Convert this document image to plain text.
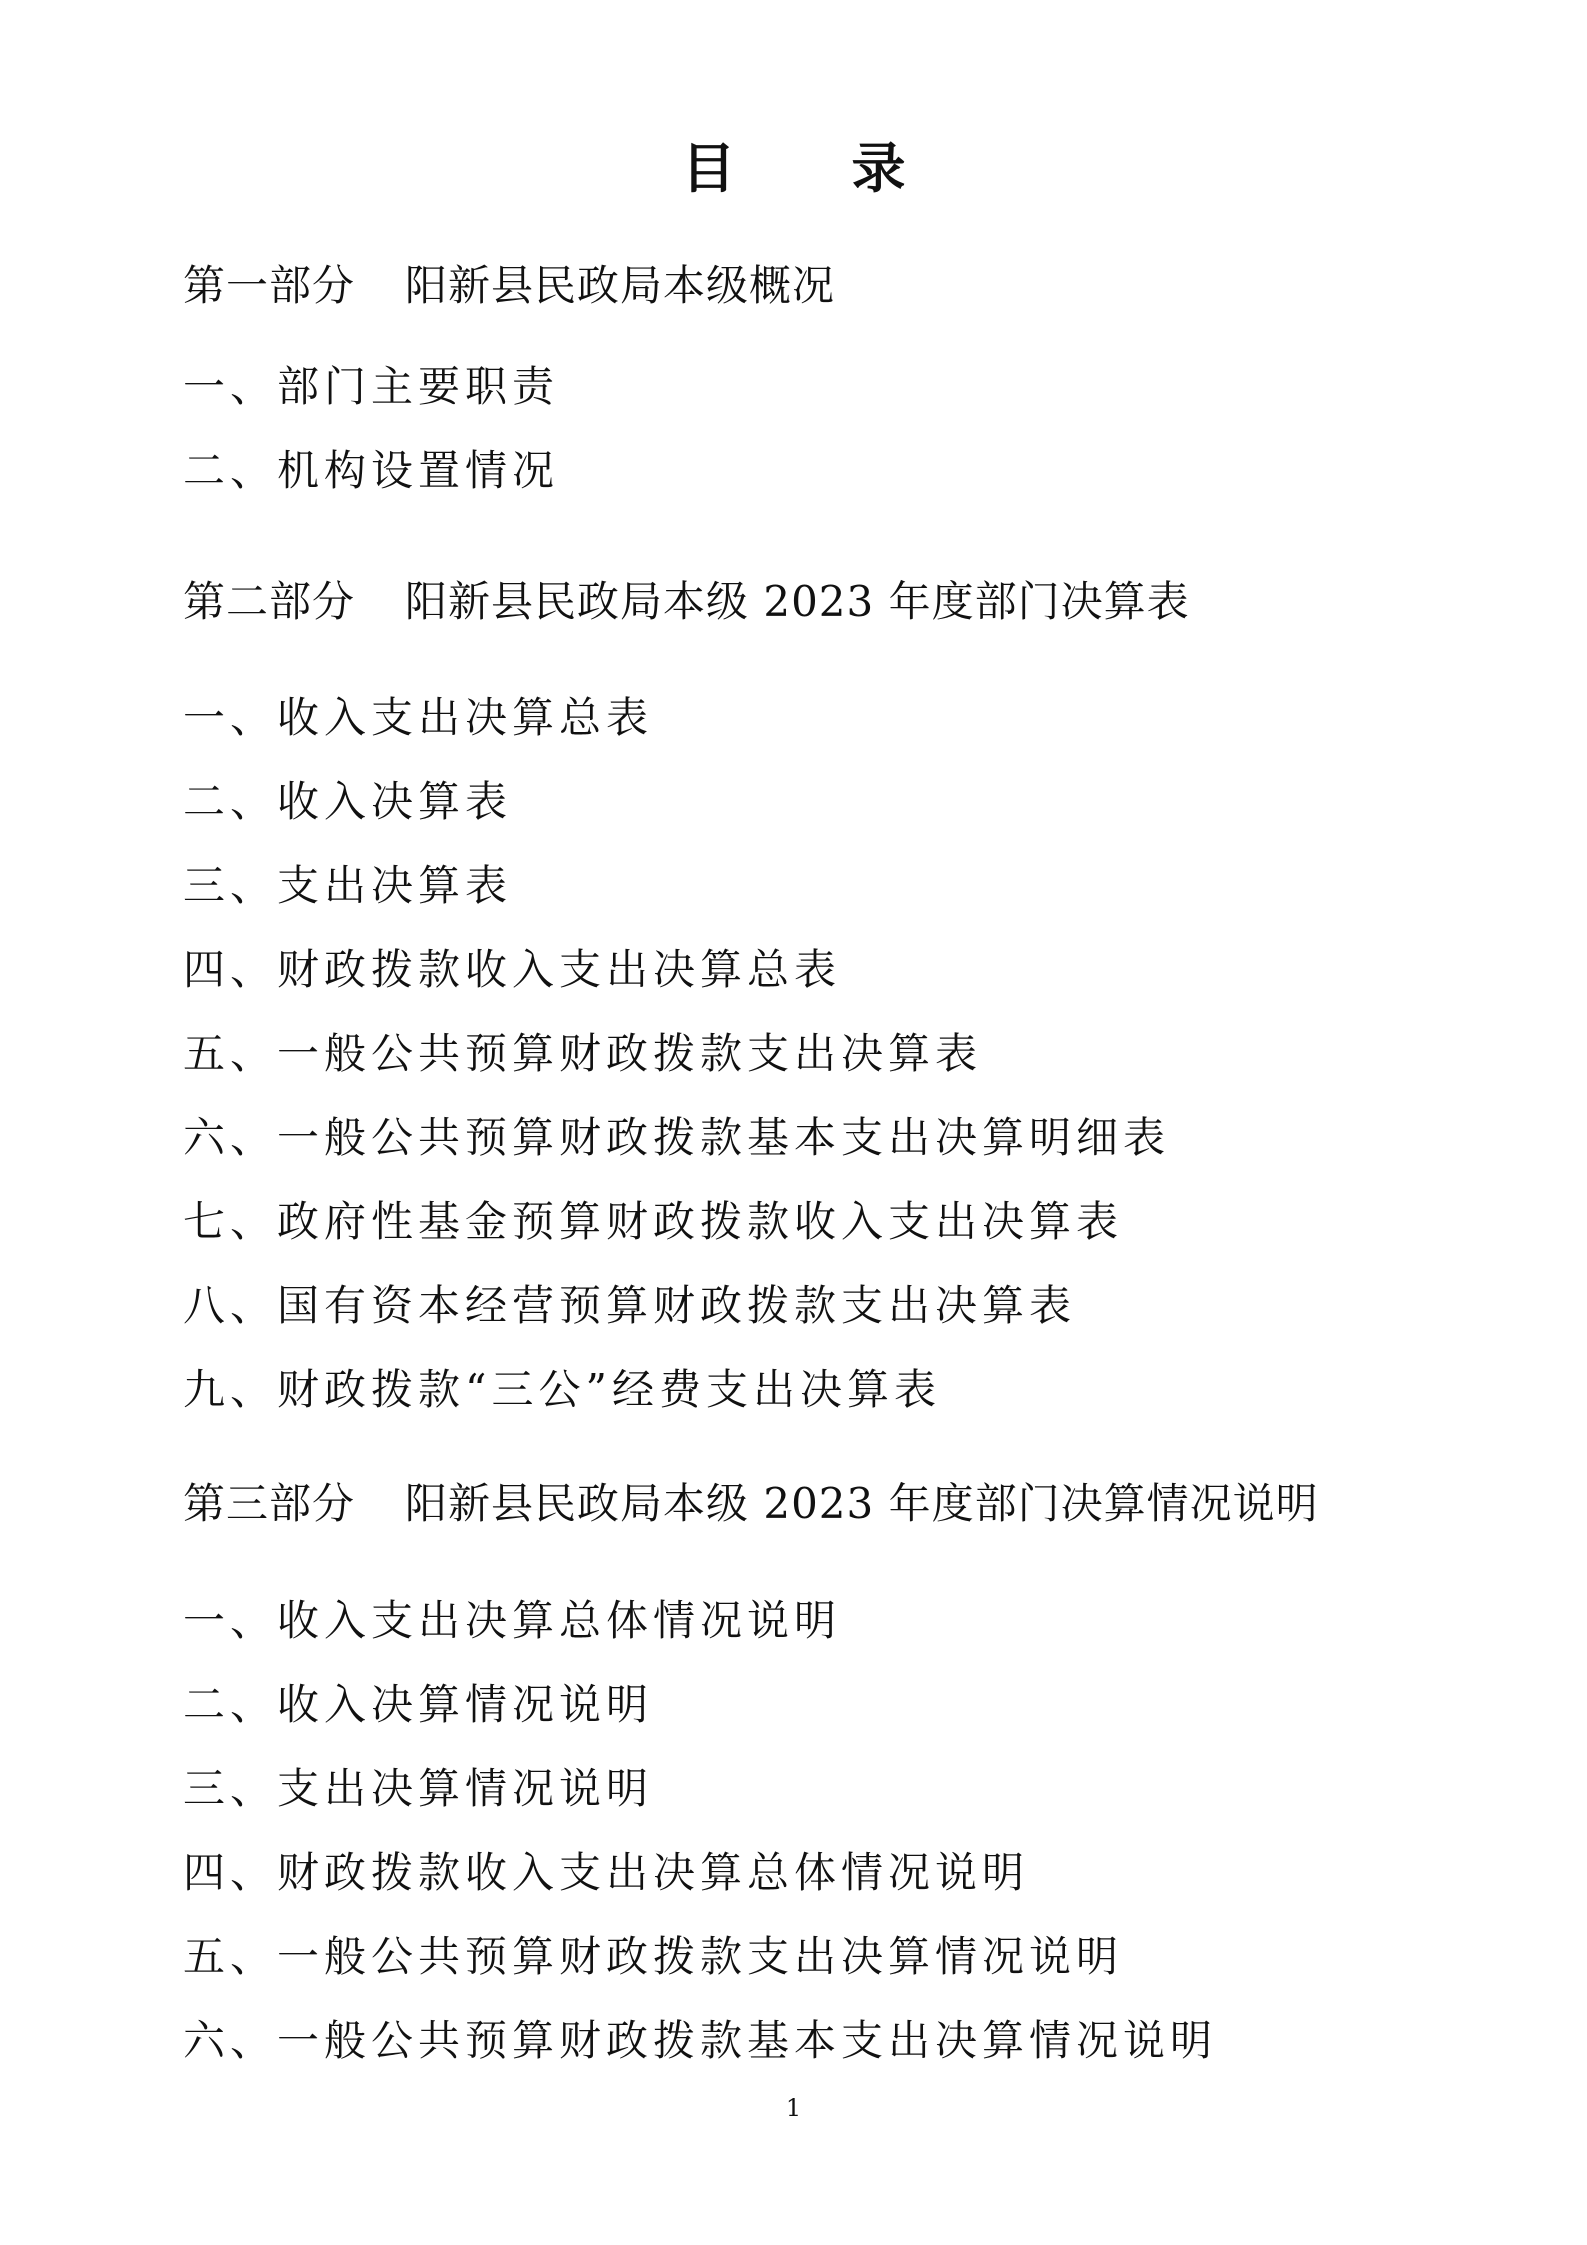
目 录
第一部分 阳新县民政局本级概况
一、部门主要职责
二、机构设置情况
第二部分 阳新县民政局本级 2023 年度部门决算表
一、收入支出决算总表
二、收入决算表
三、支出决算表
四、财政拨款收入支出决算总表
五、一般公共预算财政拨款支出决算表
六、一般公共预算财政拨款基本支出决算明细表
七、政府性基金预算财政拨款收入支出决算表
八、国有资本经营预算财政拨款支出决算表
九、财政拨款“三公”经费支出决算表
第三部分 阳新县民政局本级 2023 年度部门决算情况说明
一、收入支出决算总体情况说明
二、收入决算情况说明
三、支出决算情况说明
四、财政拨款收入支出决算总体情况说明
五、一般公共预算财政拨款支出决算情况说明
六、一般公共预算财政拨款基本支出决算情况说明
1
